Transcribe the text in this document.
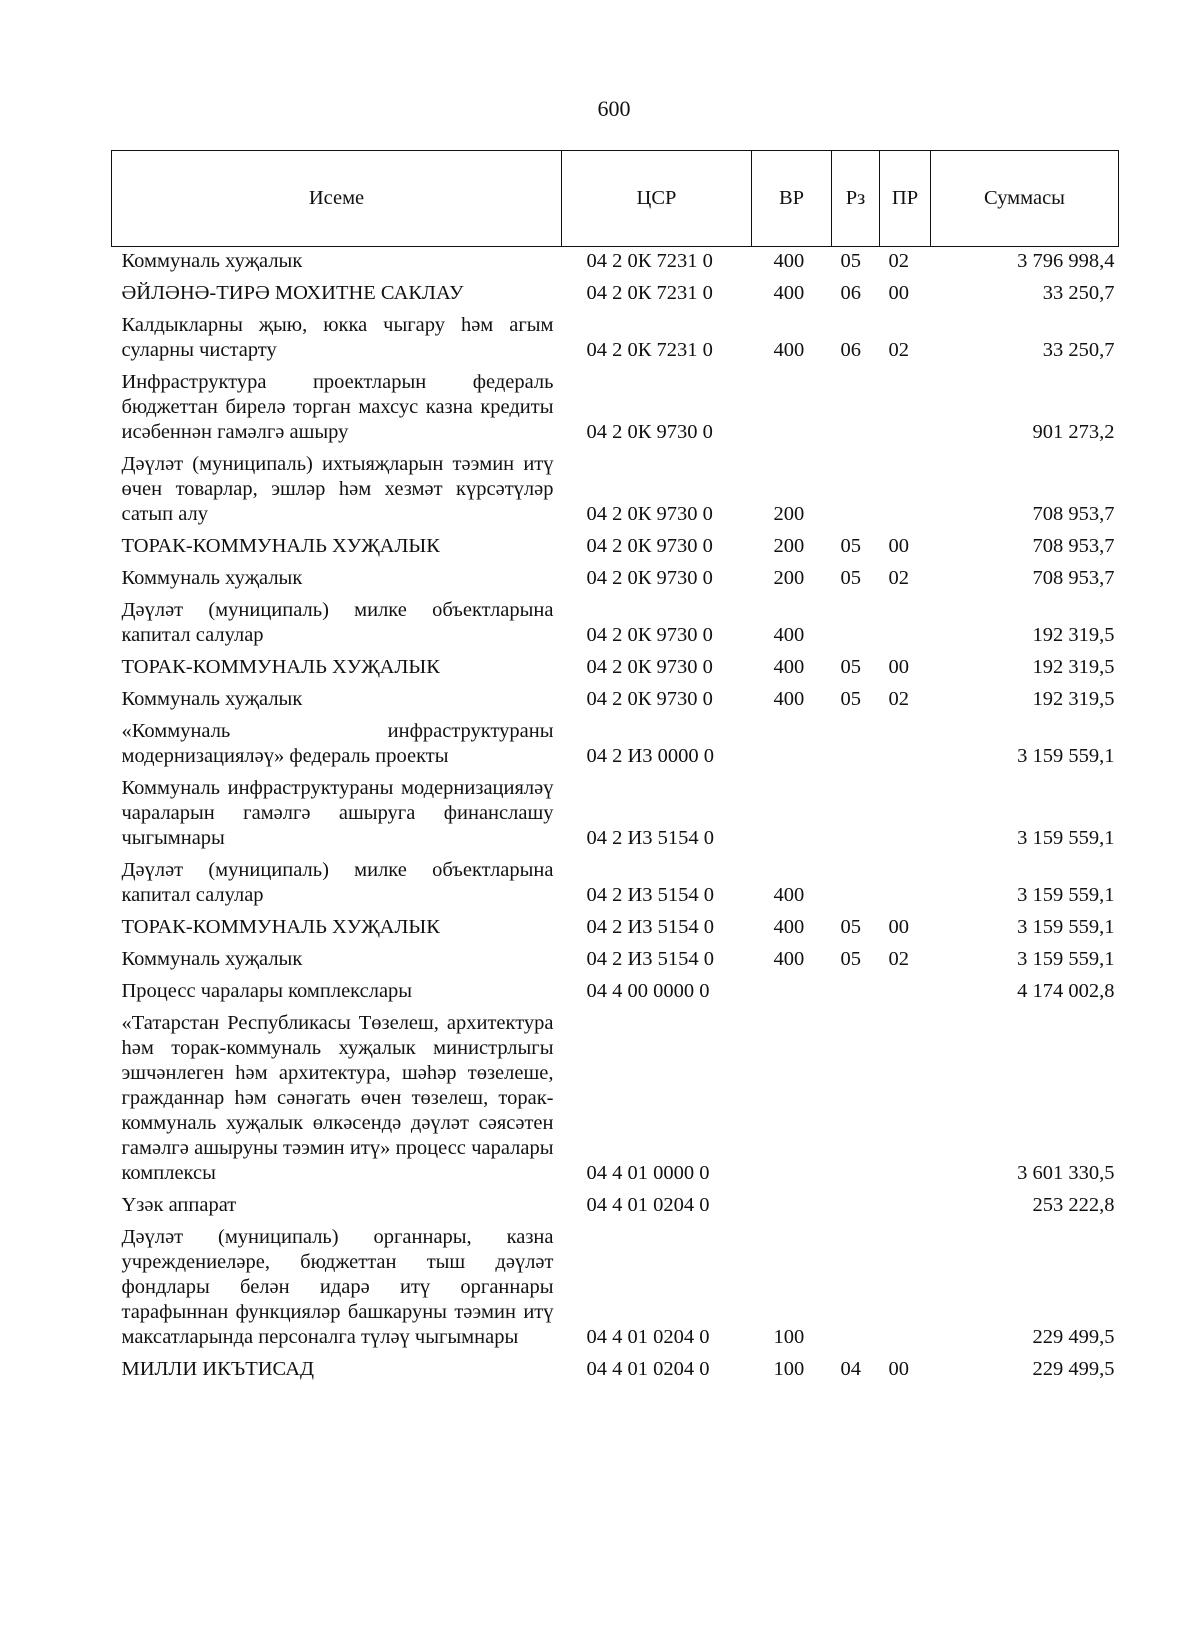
600
Исеме	ЦСР	ВР	Рз	ПР	Суммасы
Коммуналь хуҗалык	04 2 0К 7231 0	400	05	02	3 796 998,4
ӘЙЛӘНӘ-ТИРӘ МОХИТНЕ САКЛАУ	04 2 0К 7231 0	400	06	00	33 250,7
Калдыкларны җыю, юкка чыгару һәм агым суларны чистарту	04 2 0К 7231 0	400	06	02	33 250,7
Инфраструктура проектларын федераль бюджеттан бирелә торган махсус казна кредиты исәбеннән гамәлгә ашыру	04 2 0К 9730 0				901 273,2
Дәүләт (муниципаль) ихтыяҗларын тәэмин итү өчен товарлар, эшләр һәм хезмәт күрсәтүләр сатып алу	04 2 0К 9730 0	200			708 953,7
ТОРАК-КОММУНАЛЬ ХУҖАЛЫК	04 2 0К 9730 0	200	05	00	708 953,7
Коммуналь хуҗалык	04 2 0К 9730 0	200	05	02	708 953,7
Дәүләт (муниципаль) милке объектларына капитал салулар	04 2 0К 9730 0	400			192 319,5
ТОРАК-КОММУНАЛЬ ХУҖАЛЫК	04 2 0К 9730 0	400	05	00	192 319,5
Коммуналь хуҗалык	04 2 0К 9730 0	400	05	02	192 319,5
«Коммуналь инфраструктураны модернизацияләү» федераль проекты	04 2 И3 0000 0				3 159 559,1
Коммуналь инфраструктураны модернизацияләү чараларын гамәлгә ашыруга финанслашу чыгымнары	04 2 И3 5154 0				3 159 559,1
Дәүләт (муниципаль) милке объектларына капитал салулар	04 2 И3 5154 0	400			3 159 559,1
ТОРАК-КОММУНАЛЬ ХУҖАЛЫК	04 2 И3 5154 0	400	05	00	3 159 559,1
Коммуналь хуҗалык	04 2 И3 5154 0	400	05	02	3 159 559,1
Процесс чаралары комплекслары	04 4 00 0000 0				4 174 002,8
«Татарстан Республикасы Төзелеш, архитектура һәм торак-коммуналь хуҗалык министрлыгы эшчәнлеген һәм архитектура, шәһәр төзелеше, гражданнар һәм сәнәгать өчен төзелеш, торак-коммуналь хуҗалык өлкәсендә дәүләт сәясәтен гамәлгә ашыруны тәэмин итү» процесс чаралары комплексы	04 4 01 0000 0				3 601 330,5
Үзәк аппарат	04 4 01 0204 0				253 222,8
Дәүләт (муниципаль) органнары, казна учреждениеләре, бюджеттан тыш дәүләт фондлары белән идарә итү органнары тарафыннан функцияләр башкаруны тәэмин итү максатларында персоналга түләү чыгымнары	04 4 01 0204 0	100			229 499,5
МИЛЛИ ИКЪТИСАД	04 4 01 0204 0	100	04	00	229 499,5
